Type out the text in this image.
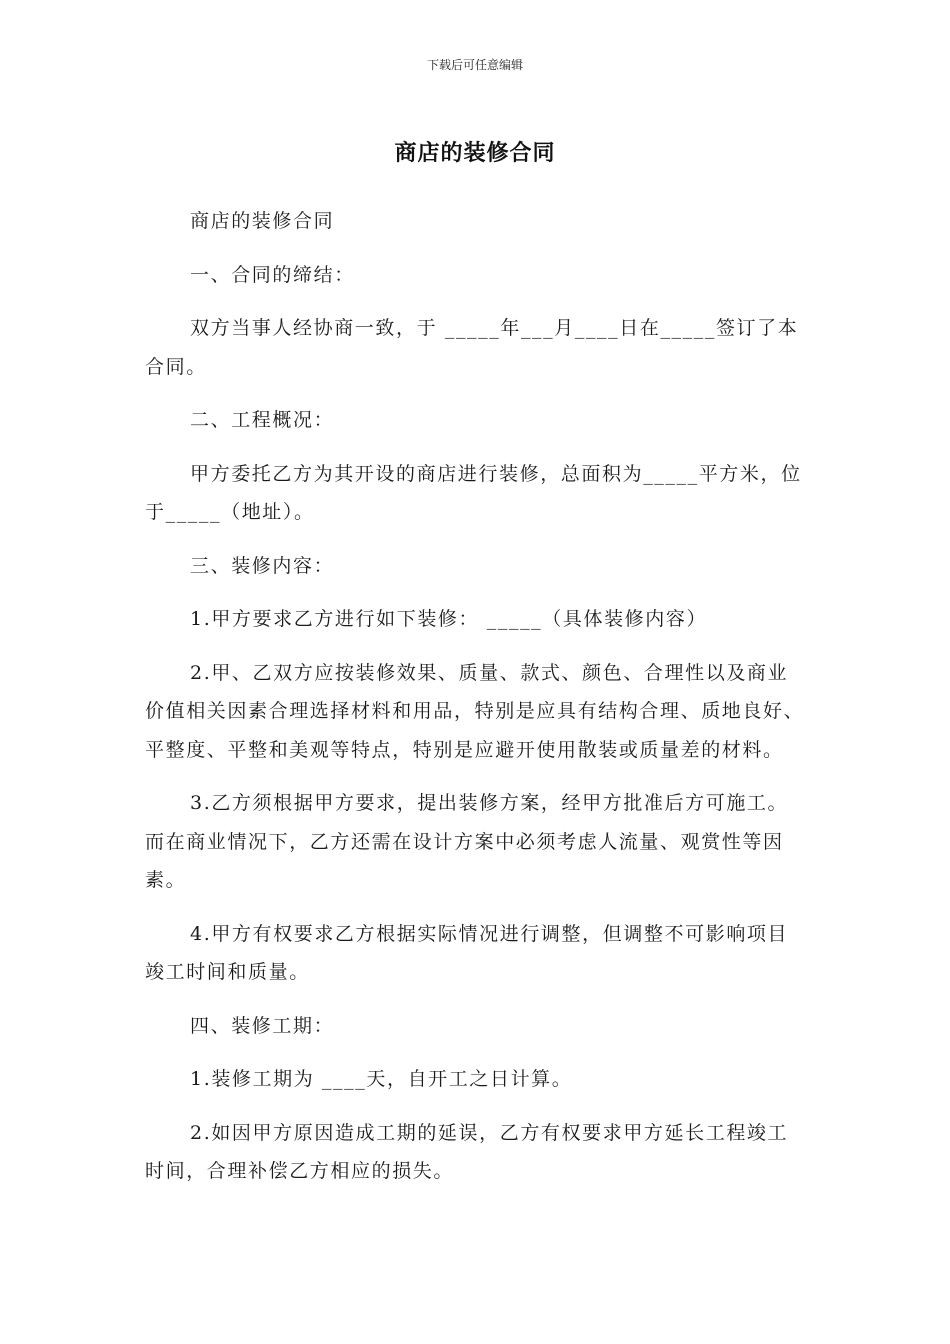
下载后可任意编辑
商店的装修合同

商店的装修合同

一、合同的缔结：

双方当事人经协商一致，于 _____年___月____日在_____签订了本合同。

二、工程概况：

甲方委托乙方为其开设的商店进行装修，总面积为_____平方米，位于_____（地址）。

三、装修内容：

1.甲方要求乙方进行如下装修： _____（具体装修内容）

2.甲、乙双方应按装修效果、质量、款式、颜色、合理性以及商业价值相关因素合理选择材料和用品，特别是应具有结构合理、质地良好、平整度、平整和美观等特点，特别是应避开使用散装或质量差的材料。

3.乙方须根据甲方要求，提出装修方案，经甲方批准后方可施工。而在商业情况下，乙方还需在设计方案中必须考虑人流量、观赏性等因素。

4.甲方有权要求乙方根据实际情况进行调整，但调整不可影响项目竣工时间和质量。

四、装修工期：

1.装修工期为 ____天，自开工之日计算。

2.如因甲方原因造成工期的延误，乙方有权要求甲方延长工程竣工时间，合理补偿乙方相应的损失。
